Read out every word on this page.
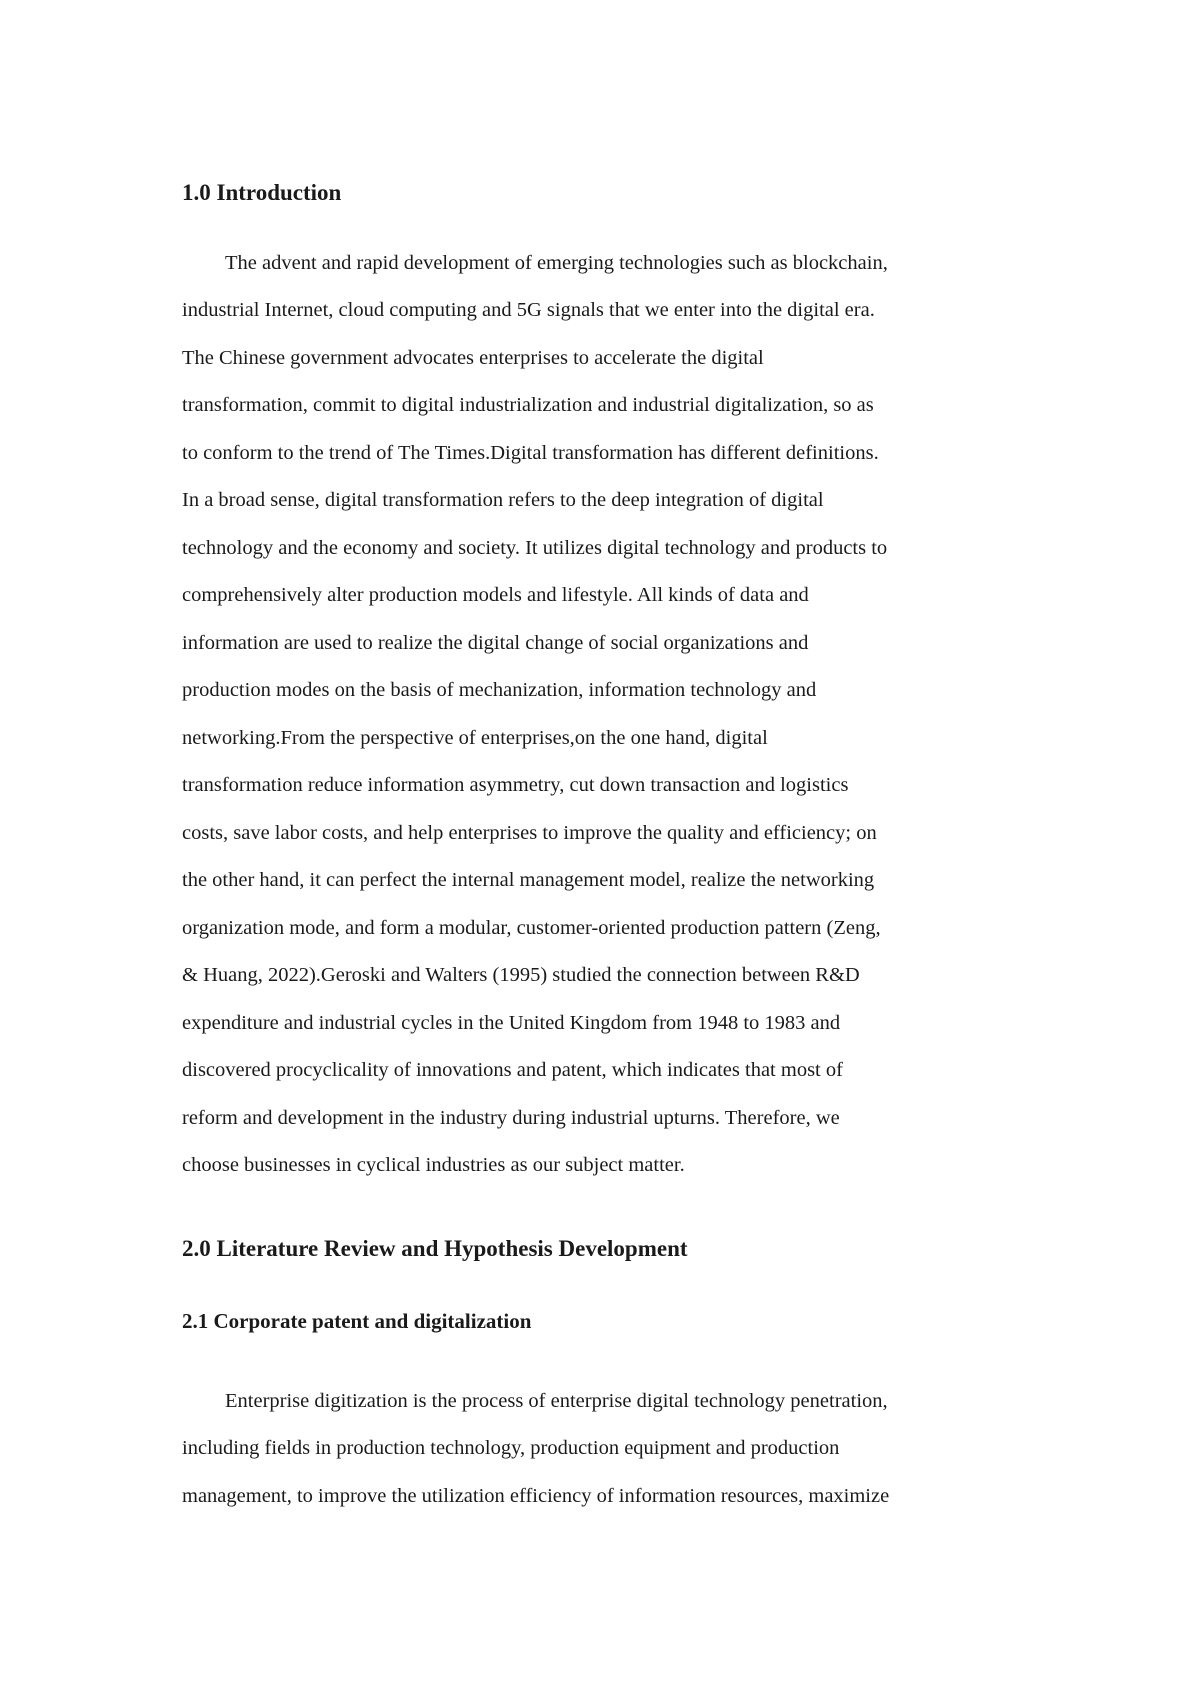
1.0 Introduction

The advent and rapid development of emerging technologies such as blockchain,

industrial Internet, cloud computing and 5G signals that we enter into the digital era.

The Chinese government advocates enterprises to accelerate the digital

transformation, commit to digital industrialization and industrial digitalization, so as

to conform to the trend of The Times.Digital transformation has different definitions.

In a broad sense, digital transformation refers to the deep integration of digital

technology and the economy and society. It utilizes digital technology and products to

comprehensively alter production models and lifestyle. All kinds of data and

information are used to realize the digital change of social organizations and

production modes on the basis of mechanization, information technology and

networking.From the perspective of enterprises,on the one hand, digital

transformation reduce information asymmetry, cut down transaction and logistics

costs, save labor costs, and help enterprises to improve the quality and efficiency; on

the other hand, it can perfect the internal management model, realize the networking

organization mode, and form a modular, customer-oriented production pattern (Zeng,

& Huang, 2022).Geroski and Walters (1995) studied the connection between R&D

expenditure and industrial cycles in the United Kingdom from 1948 to 1983 and

discovered procyclicality of innovations and patent, which indicates that most of

reform and development in the industry during industrial upturns. Therefore, we

choose businesses in cyclical industries as our subject matter.

2.0 Literature Review and Hypothesis Development
2.1 Corporate patent and digitalization

Enterprise digitization is the process of enterprise digital technology penetration,

including fields in production technology, production equipment and production

management, to improve the utilization efficiency of information resources, maximize
